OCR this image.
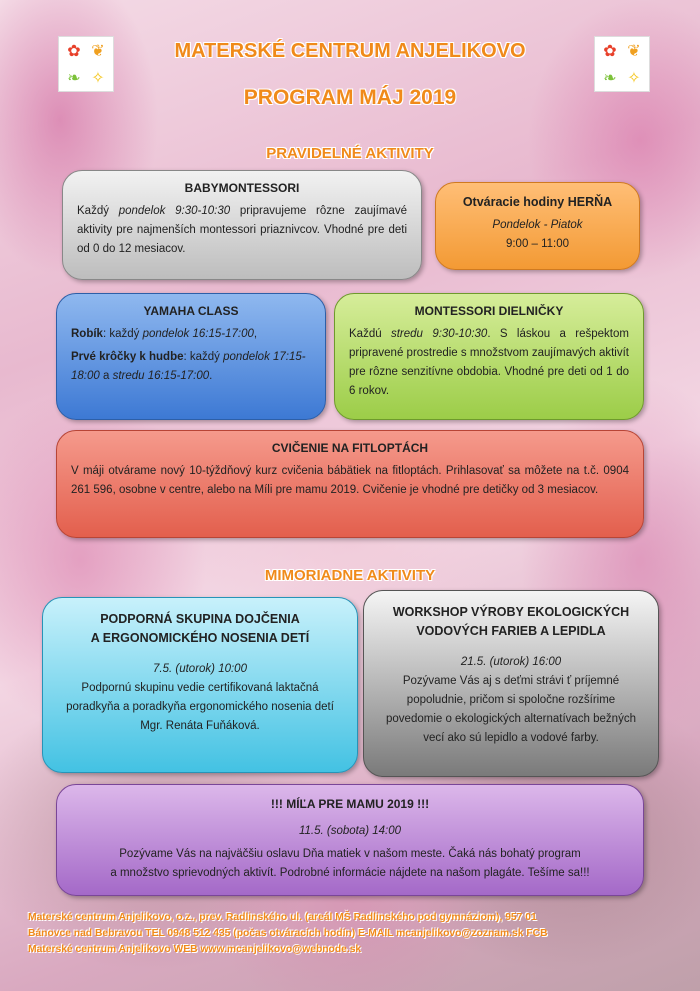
✿ ❦
❧ ✧
✿ ❦
❧ ✧
MATERSKÉ CENTRUM ANJELIKOVO
PROGRAM MÁJ 2019
PRAVIDELNÉ AKTIVITY
BABYMONTESSORI

Každý pondelok 9:30-10:30 pripravujeme rôzne zaujímavé aktivity pre najmenších montessori priaznivcov. Vhodné pre deti od 0 do 12 mesiacov.

Otváracie hodiny HERŇA

Pondelok - Piatok

9:00 – 11:00

YAMAHA CLASS

Robík: každý pondelok 16:15-17:00,

Prvé krôčky k hudbe: každý pondelok 17:15-18:00 a stredu 16:15-17:00.

MONTESSORI DIELNIČKY

Každú stredu 9:30-10:30. S láskou a rešpektom pripravené prostredie s množstvom zaujímavých aktivít pre rôzne senzitívne obdobia. Vhodné pre deti od 1 do 6 rokov.

CVIČENIE NA FITLOPTÁCH

V máji otvárame nový 10-týždňový kurz cvičenia bábätiek na fitloptách. Prihlasovať sa môžete na t.č. 0904 261 596, osobne v centre, alebo na Míli pre mamu 2019. Cvičenie je vhodné pre detičky od 3 mesiacov.

MIMORIADNE AKTIVITY
PODPORNÁ SKUPINA DOJČENIA
A ERGONOMICKÉHO NOSENIA DETÍ

7.5. (utorok) 10:00

Podpornú skupinu vedie certifikovaná laktačná poradkyňa a poradkyňa ergonomického nosenia detí Mgr. Renáta Fuňáková.

WORKSHOP VÝROBY EKOLOGICKÝCH
VODOVÝCH FARIEB A LEPIDLA

21.5. (utorok) 16:00

Pozývame Vás aj s deťmi strávi ť príjemné popoludnie, pričom si spoločne rozšírime povedomie o ekologických alternatívach bežných vecí ako sú lepidlo a vodové farby.

!!! MÍĽA PRE MAMU 2019 !!!

11.5. (sobota) 14:00

Pozývame Vás na najväčšiu oslavu Dňa matiek v našom meste. Čaká nás bohatý program

a množstvo sprievodných aktivít. Podrobné informácie nájdete na našom plagáte. Tešíme sa!!!

Materské centrum Anjelikovo, o.z., prev. Radlinského ul. (areál MŠ Radlinského pod gymnáziom), 957 01
Bánovce nad Bebravou TEL 0948 512 435 (počas otváracích hodín) E-MAIL mcanjelikovo@zoznam.sk FCB
Materské centrum Anjelikovo WEB www.mcanjelikovo@webnode.sk
